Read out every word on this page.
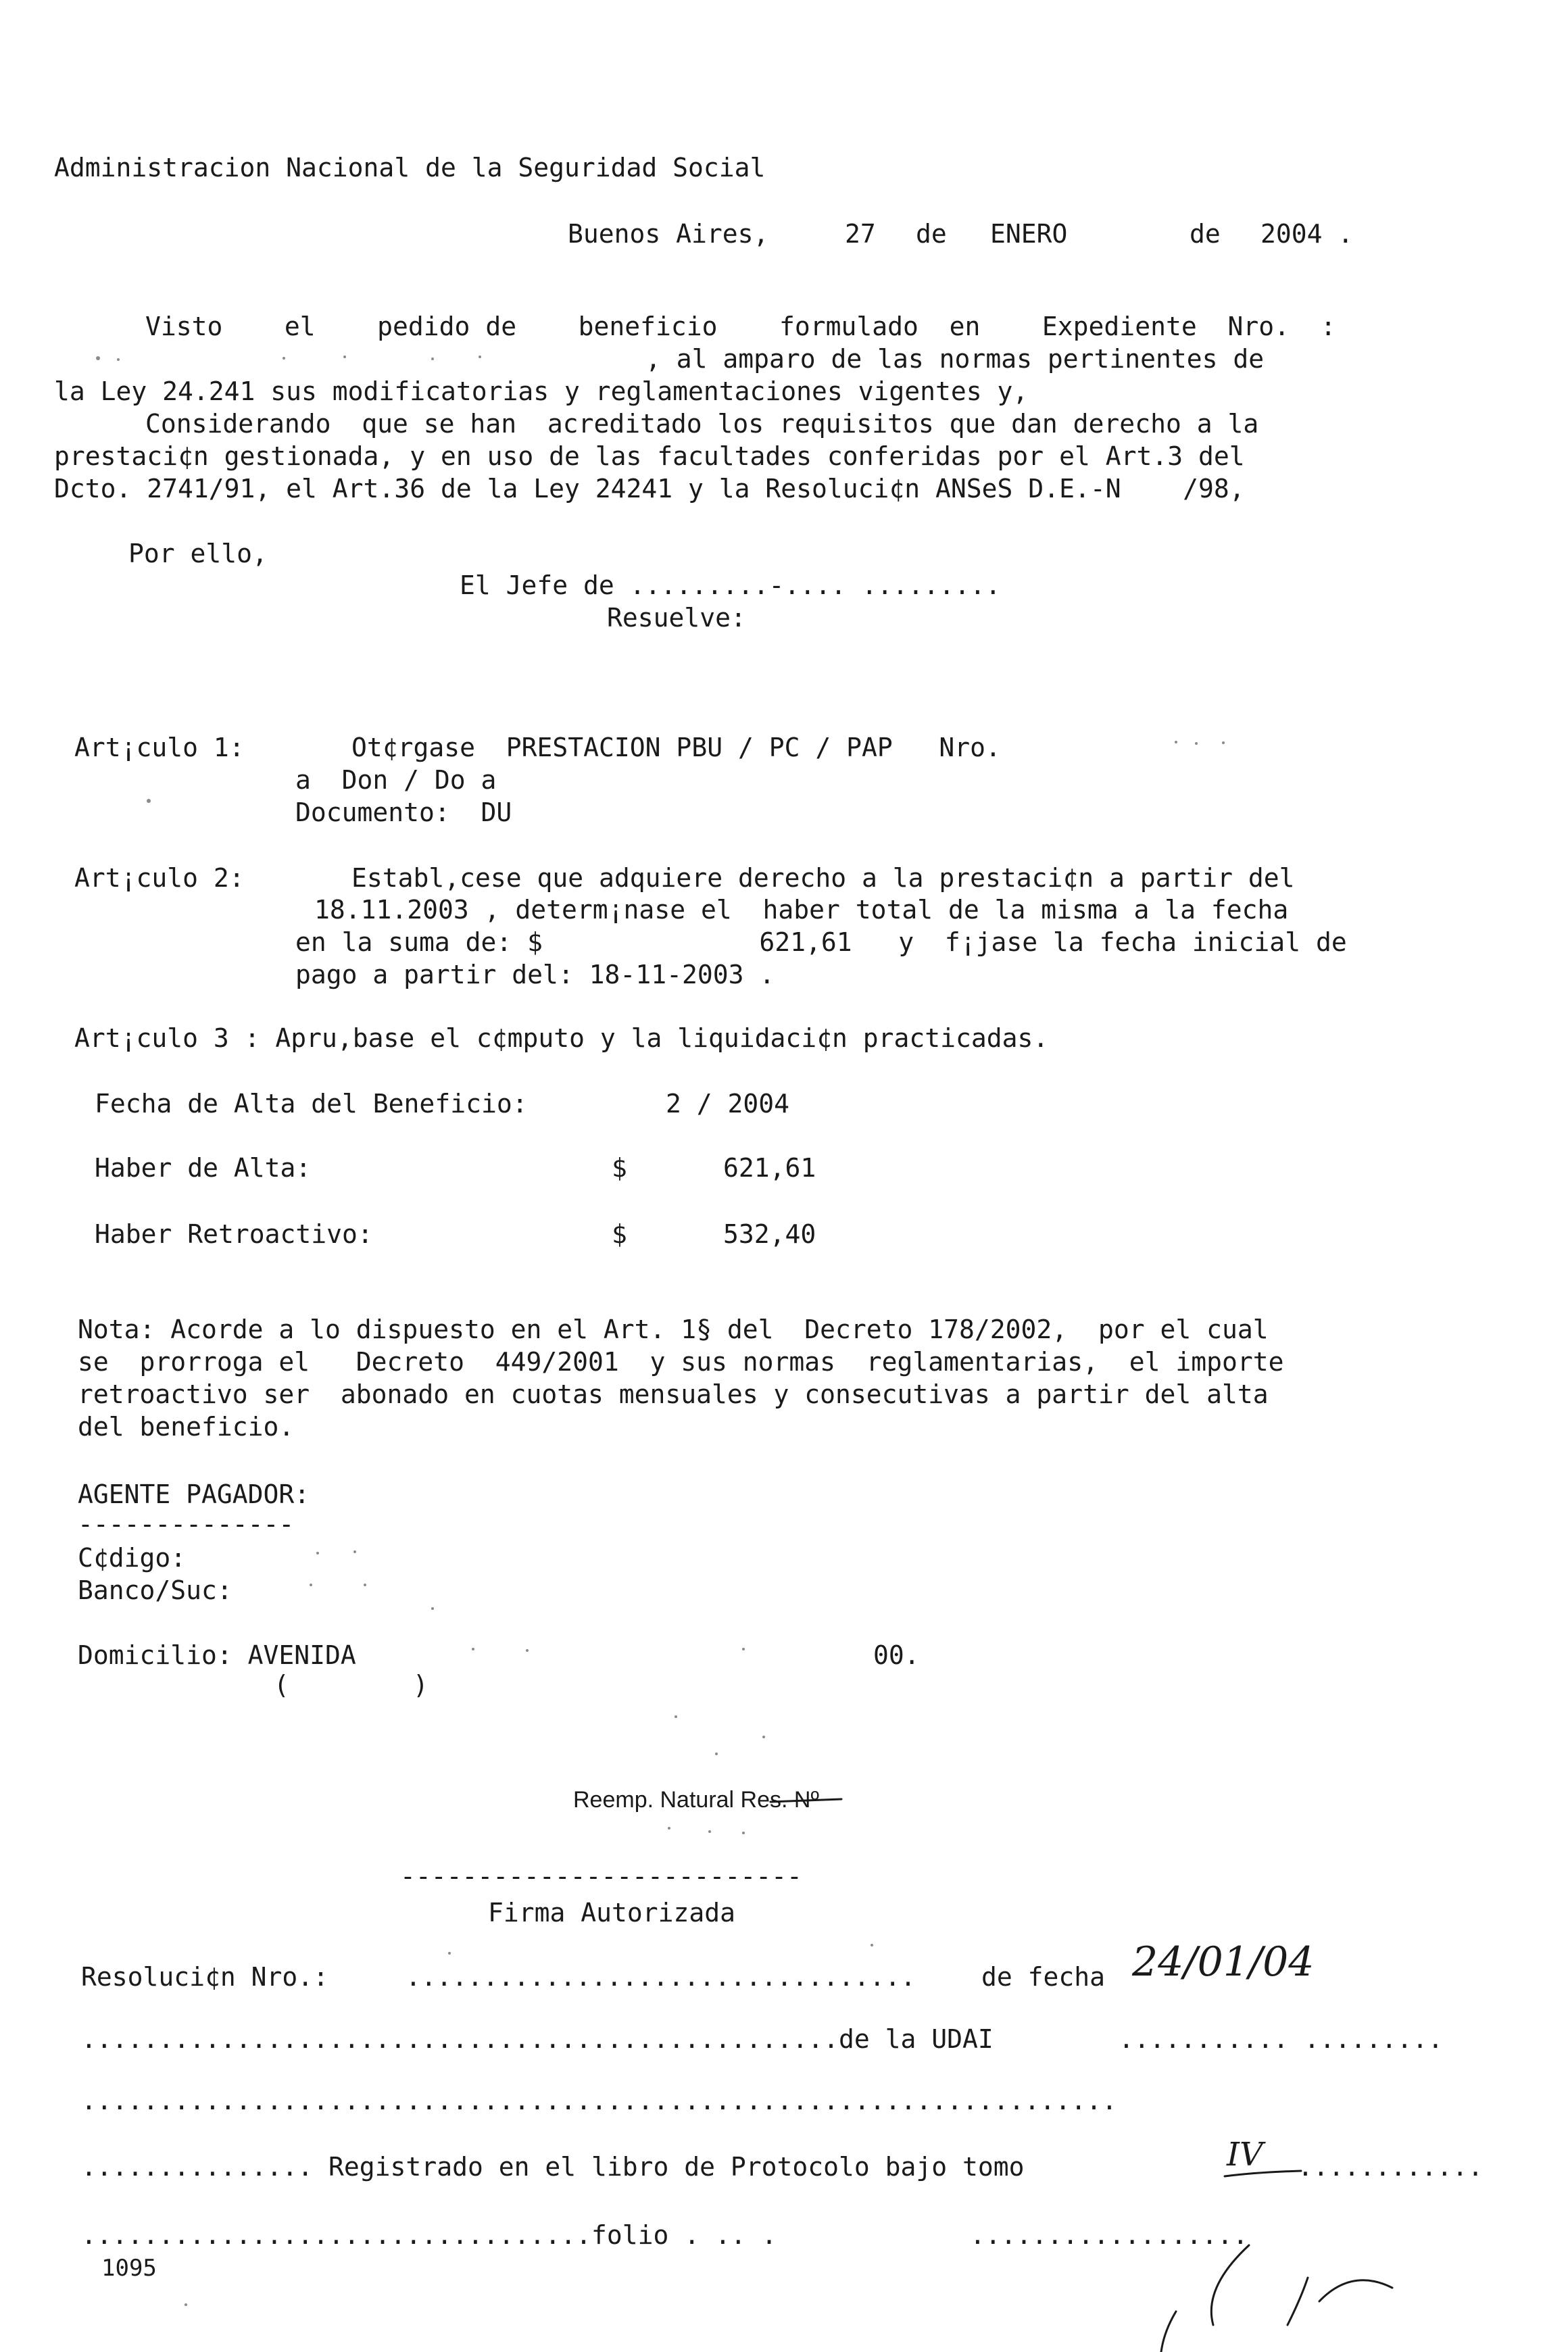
Administracion Nacional de la Seguridad Social
Buenos Aires,	27 de ENERO	de 2004 .
Visto    el    pedido de    beneficio    formulado  en    Expediente  Nro.  :
, al amparo de las normas pertinentes de
la Ley 24.241 sus modificatorias y reglamentaciones vigentes y,
Considerando  que se han  acreditado los requisitos que dan derecho a la
prestaci¢n gestionada, y en uso de las facultades conferidas por el Art.3 del
Dcto. 2741/91, el Art.36 de la Ley 24241 y la Resoluci¢n ANSeS D.E.-N    /98,
Por ello,
El Jefe de .........-.... .........
Resuelve:
Art¡culo 1:	Ot¢rgase  PRESTACION PBU / PC / PAP   Nro.
a  Don / Do a
Documento:  DU
Art¡culo 2:	Establ,cese que adquiere derecho a la prestaci¢n a partir del
18.11.2003 , determ¡nase el  haber total de la misma a la fecha
en la suma de: $              621,61   y  f¡jase la fecha inicial de
pago a partir del: 18-11-2003 .
Art¡culo 3 : Apru,base el c¢mputo y la liquidaci¢n practicadas.
Fecha de Alta del Beneficio:	2 / 2004
Haber de Alta:	$	621,61
Haber Retroactivo:	$	532,40
Nota: Acorde a lo dispuesto en el Art. 1§ del  Decreto 178/2002,  por el cual
se  prorroga el   Decreto  449/2001  y sus normas  reglamentarias,  el importe
retroactivo ser  abonado en cuotas mensuales y consecutivas a partir del alta
del beneficio.
AGENTE PAGADOR:
--------------
C¢digo:
Banco/Suc:
Domicilio: AVENIDA	00.
(        )
Reemp. Natural Res. Nº
--------------------------
Firma Autorizada
Resoluci¢n Nro.:	.................................	de fecha 24/01/04
.................................................de la UDAI	........... .........
...................................................................
............... Registrado en el libro de Protocolo bajo tomo	IV ............
.................................folio . .. .	..................
1095
